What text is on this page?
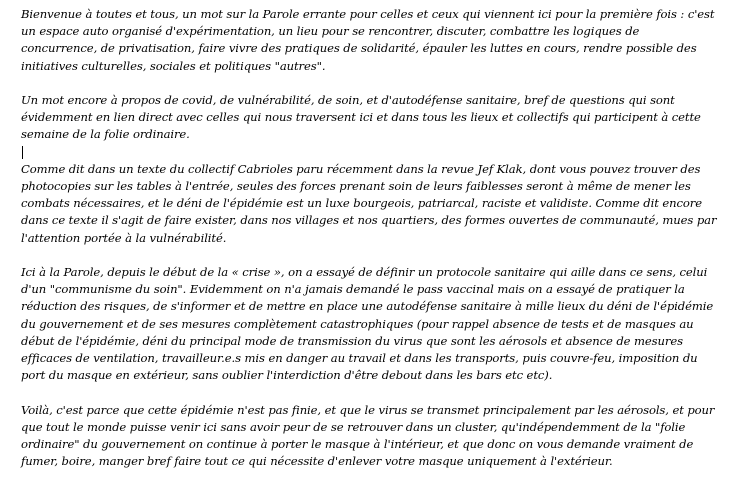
Bienvenue à toutes et tous, un mot sur la Parole errante pour celles et ceux qui viennent ici pour la première fois : c'est un espace auto organisé d'expérimentation, un lieu pour se rencontrer, discuter, combattre les logiques de concurrence, de privatisation, faire vivre des pratiques de solidarité, épauler les luttes en cours, rendre possible des initiatives culturelles, sociales et politiques "autres".

Un mot encore à propos de covid, de vulnérabilité, de soin, et d'autodéfense sanitaire, bref de questions qui sont évidemment en lien direct avec celles qui nous traversent ici et dans tous les lieux et collectifs qui participent à cette semaine de la folie ordinaire.

Comme dit dans un texte du collectif Cabrioles paru récemment dans la revue Jef Klak, dont vous pouvez trouver des photocopies sur les tables à l'entrée, seules des forces prenant soin de leurs faiblesses seront à même de mener les combats nécessaires, et le déni de l'épidémie est un luxe bourgeois, patriarcal, raciste et validiste. Comme dit encore dans ce texte il s'agit de faire exister, dans nos villages et nos quartiers, des formes ouvertes de communauté, mues par l'attention portée à la vulnérabilité.

Ici à la Parole, depuis le début de la « crise », on a essayé de définir un protocole sanitaire qui aille dans ce sens, celui d'un "communisme du soin". Evidemment on n'a jamais demandé le pass vaccinal mais on a essayé de pratiquer la réduction des risques, de s'informer et de mettre en place une autodéfense sanitaire à mille lieux du déni de l'épidémie du gouvernement et de ses mesures complètement catastrophiques (pour rappel absence de tests et de masques au début de l'épidémie, déni du principal mode de transmission du virus que sont les aérosols et absence de mesures efficaces de ventilation, travailleur.e.s mis en danger au travail et dans les transports, puis couvre-feu, imposition du port du masque en extérieur, sans oublier l'interdiction d'être debout dans les bars etc etc).

Voilà, c'est parce que cette épidémie n'est pas finie, et que le virus se transmet principalement par les aérosols, et pour que tout le monde puisse venir ici sans avoir peur de se retrouver dans un cluster, qu'indépendemment de la "folie ordinaire" du gouvernement on continue à porter le masque à l'intérieur, et que donc on vous demande vraiment de fumer, boire, manger bref faire tout ce qui nécessite d'enlever votre masque uniquement à l'extérieur.
